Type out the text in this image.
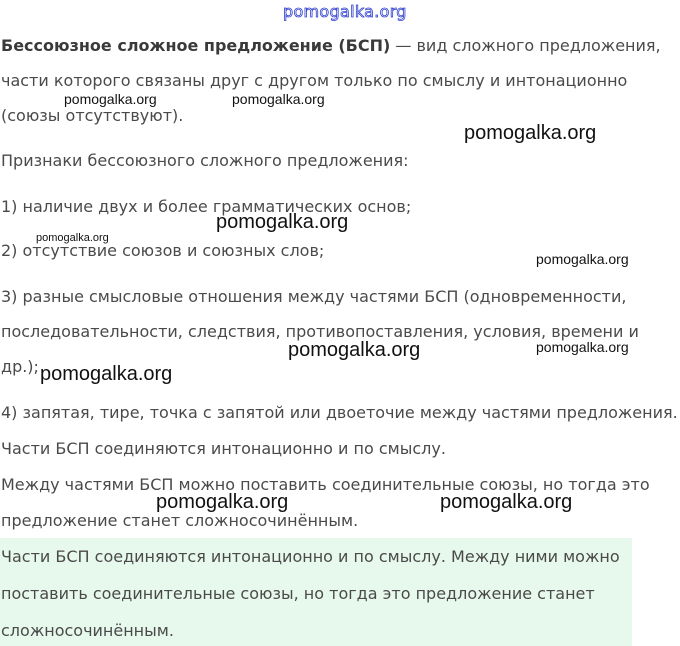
pomogalka.org
Бессоюзное сложное предложение (БСП) — вид сложного предложения,
части которого связаны друг с другом только по смыслу и интонационно
(союзы отсутствуют).
Признаки бессоюзного сложного предложения:
1) наличие двух и более грамматических основ;
2) отсутствие союзов и союзных слов;
3) разные смысловые отношения между частями БСП (одновременности,
последовательности, следствия, противопоставления, условия, времени и
др.);
4) запятая, тире, точка с запятой или двоеточие между частями предложения.
Части БСП соединяются интонационно и по смыслу.
Между частями БСП можно поставить соединительные союзы, но тогда это
предложение станет сложносочинённым.
Части БСП соединяются интонационно и по смыслу. Между ними можно
поставить соединительные союзы, но тогда это предложение станет
сложносочинённым.
pomogalka.org	pomogalka.org
pomogalka.org
pomogalka.org
pomogalka.org
pomogalka.org
pomogalka.org	pomogalka.org
pomogalka.org
pomogalka.org	pomogalka.org
